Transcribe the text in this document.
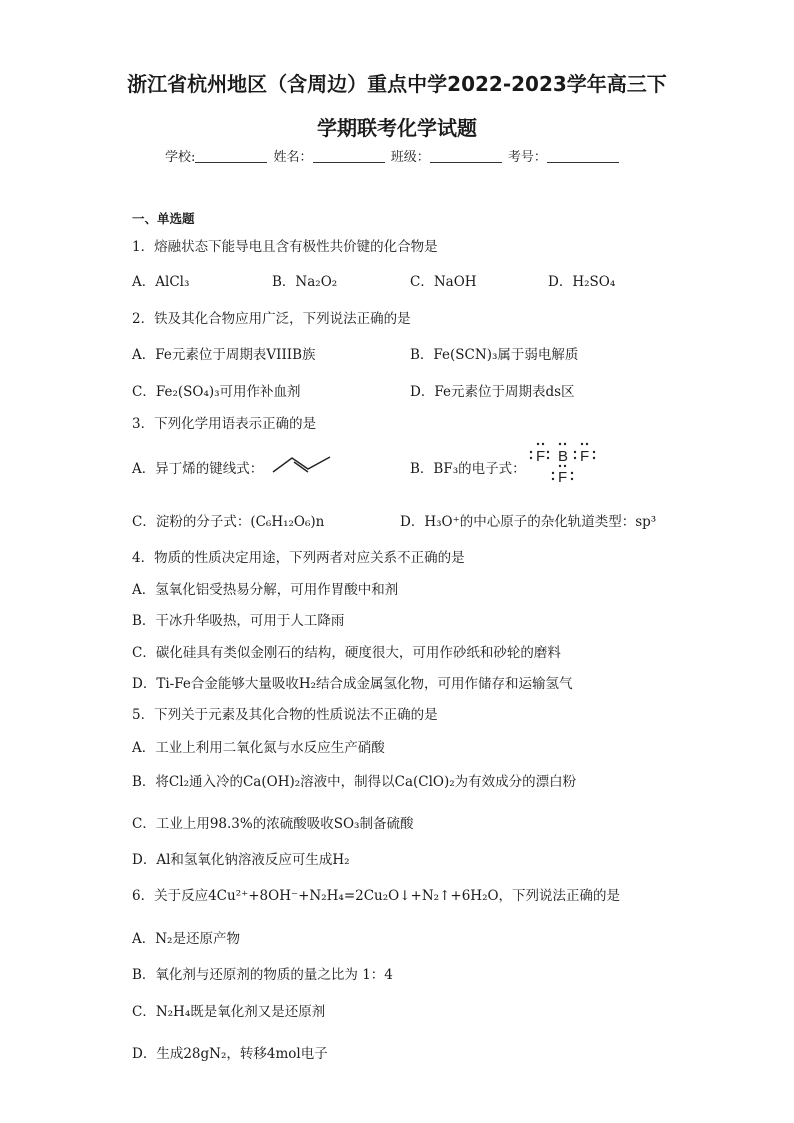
浙江省杭州地区（含周边）重点中学2022-2023学年高三下
学期联考化学试题
学校:	姓名：	班级：	考号：
一、单选题
1．熔融状态下能导电且含有极性共价键的化合物是
A．AlCl₃	B．Na₂O₂	C．NaOH	D．H₂SO₄
2．铁及其化合物应用广泛，下列说法正确的是
A．Fe元素位于周期表VIIIB族	B．Fe(SCN)₃属于弱电解质
C．Fe₂(SO₄)₃可用作补血剂	D．Fe元素位于周期表ds区
3．下列化学用语表示正确的是
A．异丁烯的键线式：	B．BF₃的电子式：
F B F
F
C．淀粉的分子式：(C₆H₁₂O₆)n	D．H₃O⁺的中心原子的杂化轨道类型：sp³
4．物质的性质决定用途，下列两者对应关系不正确的是
A．氢氧化铝受热易分解，可用作胃酸中和剂
B．干冰升华吸热，可用于人工降雨
C．碳化硅具有类似金刚石的结构，硬度很大，可用作砂纸和砂轮的磨料
D．Ti-Fe合金能够大量吸收H₂结合成金属氢化物，可用作储存和运输氢气
5．下列关于元素及其化合物的性质说法不正确的是
A．工业上利用二氧化氮与水反应生产硝酸
B．将Cl₂通入冷的Ca(OH)₂溶液中，制得以Ca(ClO)₂为有效成分的漂白粉
C．工业上用98.3%的浓硫酸吸收SO₃制备硫酸
D．Al和氢氧化钠溶液反应可生成H₂
6．关于反应4Cu²⁺+8OH⁻+N₂H₄=2Cu₂O↓+N₂↑+6H₂O，下列说法正确的是
A．N₂是还原产物
B．氧化剂与还原剂的物质的量之比为 1：4
C．N₂H₄既是氧化剂又是还原剂
D．生成28gN₂，转移4mol电子
